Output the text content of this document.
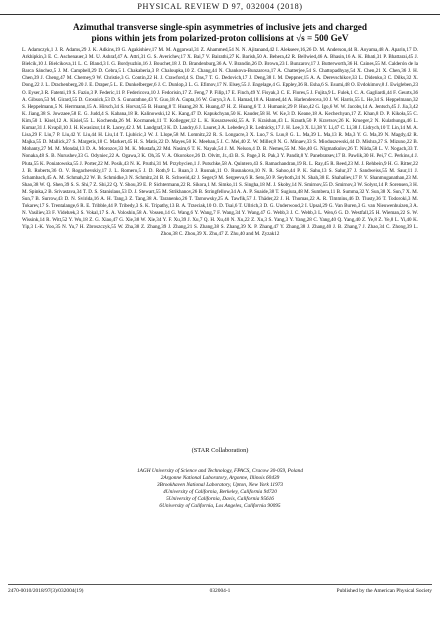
PHYSICAL REVIEW D 97, 032004 (2018)
Azimuthal transverse single-spin asymmetries of inclusive jets and charged
pions within jets from polarized-proton collisions at √s = 500 GeV
L. Adamczyk,1 J. R. Adams,29 J. K. Adkins,19 G. Agakishiev,17 M. M. Aggarwal,31 Z. Ahammed,54 N. N. Ajitanand,42 I. Alekseev,16,26 D. M. Anderson,44 R. Aoyama,48 A. Aparin,17 D. Arkhipkin,3 E. C. Aschenauer,3 M. U. Ashraf,47 A. Attri,31 G. S. Averichev,17 X. Bai,7 V. Bairathi,27 K. Barish,50 A. Behera,42 R. Bellwied,46 A. Bhasin,16 A. K. Bhati,31 P. Bhattarai,45 J. Bielcik,10 J. Bielcikova,11 L. C. Bland,3 I. G. Bordyuzhin,16 J. Bouchet,18 J. D. Brandenburg,36 A. V. Brandin,26 D. Brown,23 I. Bunzarov,17 J. Butterworth,36 H. Caines,55 M. Calderón de la Barca Sánchez,5 J. M. Campbell,29 D. Cebra,5 I. Chakaberia,3 P. Chaloupka,10 Z. Chang,44 N. Chankova-Bunzarova,17 A. Chatterjee,54 S. Chattopadhyay,54 X. Chen,21 X. Chen,36 J. H. Chen,39 J. Cheng,47 M. Cherney,9 W. Christie,3 G. Contin,22 H. J. Crawford,4 S. Das,7 T. G. Dedovich,17 J. Deng,38 I. M. Deppner,15 A. A. Derevschikov,33 L. Didenko,3 C. Dilks,32 X. Dong,22 J. L. Drachenberg,20 J. E. Draper,5 L. E. Dunkelberger,6 J. C. Dunlop,3 L. G. Efimov,17 N. Elsey,55 J. Engelage,4 G. Eppley,36 R. Esha,6 S. Esumi,48 O. Evdokimov,8 J. Ewigleben,23 O. Eyser,3 R. Fatemi,19 S. Fazio,3 P. Federic,11 P. Federicova,10 J. Fedorisin,17 Z. Feng,7 P. Filip,17 E. Finch,49 Y. Fisyak,3 C. E. Flores,5 J. Fujita,9 L. Fulek,1 C. A. Gagliardi,44 F. Geurts,36 A. Gibson,53 M. Girard,55 D. Grosnick,53 D. S. Gunarathne,43 Y. Guo,18 A. Gupta,16 W. Guryn,3 A. I. Hamad,18 A. Hamed,44 A. Harlenderova,10 J. W. Harris,55 L. He,34 S. Heppelmann,32 S. Heppelmann,5 N. Herrmann,15 A. Hirsch,34 S. Horvat,55 B. Huang,8 T. Huang,28 X. Huang,47 H. Z. Huang,6 T. J. Humanic,29 P. Huo,42 G. Igo,6 W. W. Jacobs,14 A. Jentsch,45 J. Jia,3,42 K. Jiang,38 S. Jowzaee,58 E. G. Judd,4 S. Kabana,18 R. Kalinowski,12 K. Kang,47 D. Kapukchyan,50 K. Kauder,58 H. W. Ke,3 D. Keane,18 A. Kechechyan,17 Z. Khan,8 D. P. Kikoła,55 C. Kim,50 I. Kisel,12 A. Kisiel,55 L. Kochenda,26 M. Kocmanek,11 T. Kollegger,12 L. K. Kosarzewski,55 A. F. Kraishan,43 L. Krauth,50 P. Kravtsov,26 K. Krueger,2 N. Kulathunga,46 L. Kumar,31 J. Kvapil,10 J. H. Kwasizur,14 R. Lacey,42 J. M. Landgraf,3 K. D. Landry,6 J. Lauret,3 A. Lebedev,3 R. Lednicky,17 J. H. Lee,3 X. Li,38 Y. Li,47 C. Li,38 J. Lidrych,10 T. Lin,14 M. A. Lisa,29 F. Liu,7 P. Liu,42 Y. Liu,44 H. Liu,14 T. Ljubicic,3 W. J. Llope,58 M. Lomnitz,22 R. S. Longacre,3 X. Luo,7 S. Luo,8 G. L. Ma,39 L. Ma,13 R. Ma,3 Y. G. Ma,39 N. Magdy,42 R. Majka,55 D. Mallick,27 S. Margetis,18 C. Markert,45 H. S. Matis,22 D. Mayes,50 K. Meehan,5 J. C. Mei,40 Z. W. Miller,8 N. G. Minaev,33 S. Mioduszewski,44 D. Mishra,27 S. Mizuno,22 B. Mohanty,27 M. M. Mondal,13 D. A. Morozov,33 M. K. Mustafa,22 Md. Nasim,6 T. K. Nayak,54 J. M. Nelson,4 D. B. Nemes,55 M. Nie,40 G. Nigmatkulov,26 T. Niida,58 L. V. Nogach,33 T. Nonaka,48 S. B. Nurushev,33 G. Odyniec,22 A. Ogawa,3 K. Oh,35 V. A. Okorokov,26 D. Olvitt, Jr.,43 B. S. Page,3 R. Pak,3 Y. Pandit,8 Y. Panebratsev,17 B. Pawlik,30 H. Pei,7 C. Perkins,4 J. Pluta,55 K. Poniatowska,55 J. Porter,22 M. Posik,43 N. K. Pruthi,31 M. Przybycien,1 J. Putschke,58 A. Quintero,43 S. Ramachandran,19 R. L. Ray,45 R. Reed,23 M. J. Rehbein,9 H. G. Ritter,22 J. B. Roberts,36 O. V. Rogachevskiy,17 J. L. Romero,5 J. D. Roth,9 L. Ruan,3 J. Rusnak,11 O. Rusnakova,10 N. R. Sahoo,44 P. K. Sahu,13 S. Salur,37 J. Sandweiss,55 M. Saur,11 J. Schambach,45 A. M. Schmah,22 W. B. Schmidke,3 N. Schmitz,24 B. R. Schweid,42 J. Seger,9 M. Sergeeva,6 R. Seto,50 P. Seyboth,24 N. Shah,38 E. Shahaliev,17 P. V. Shanmuganathan,23 M. Shao,38 W. Q. Shen,39 S. S. Shi,7 Z. Shi,22 Q. Y. Shou,39 E. P. Sichtermann,22 R. Sikora,1 M. Simko,11 S. Singha,18 M. J. Skoby,14 N. Smirnov,55 D. Smirnov,3 W. Solyst,14 P. Sorensen,3 H. M. Spinka,2 B. Srivastava,34 T. D. S. Stanislaus,53 D. J. Stewart,55 M. Strikhanov,26 B. Stringfellow,34 A. A. P. Suaide,38 T. Sugiura,48 M. Sumbera,11 B. Summa,32 Y. Sun,38 X. Sun,7 X. M. Sun,7 B. Surrow,43 D. N. Svirida,16 A. H. Tang,3 Z. Tang,38 A. Taranenko,26 T. Tarnowsky,25 A. Tawfik,57 J. Thäder,22 J. H. Thomas,22 A. R. Timmins,46 D. Tlusty,36 T. Todoroki,3 M. Tokarev,17 S. Trentalange,6 R. E. Tribble,44 P. Tribedy,3 S. K. Tripathy,13 B. A. Trzeciak,10 O. D. Tsai,6 T. Ullrich,3 D. G. Underwood,2 I. Upsal,29 G. Van Buren,3 G. van Nieuwenhuizen,3 A. N. Vasiliev,33 F. Videbæk,3 S. Vokal,17 S. A. Voloshin,58 A. Vossen,14 G. Wang,6 Y. Wang,7 F. Wang,34 Y. Wang,47 G. Webb,3 J. C. Webb,3 L. Wen,6 G. D. Westfall,25 H. Wieman,22 S. W. Wissink,14 R. Witt,52 Y. Wu,18 Z. G. Xiao,47 G. Xie,38 W. Xie,34 Y. F. Xu,39 J. Xu,7 Q. H. Xu,40 N. Xu,22 Z. Xu,3 S. Yang,3 Y. Yang,28 C. Yang,40 Q. Yang,40 Z. Ye,8 Z. Ye,8 L. Yi,40 K. Yip,3 I.-K. Yoo,35 N. Yu,7 H. Zbroszczyk,55 W. Zha,38 Z. Zhang,39 J. Zhang,21 S. Zhang,38 S. Zhang,39 X. P. Zhang,47 Y. Zhang,38 J. Zhang,40 J. B. Zhang,7 J. Zhao,34 C. Zhong,39 L. Zhou,38 C. Zhou,39 X. Zhu,47 Z. Zhu,40 and M. Zyzak12
(STAR Collaboration)
1AGH University of Science and Technology, FPACS, Cracow 30-059, Poland
2Argonne National Laboratory, Argonne, Illinois 60439
3Brookhaven National Laboratory, Upton, New York 11973
4University of California, Berkeley, California 94720
5University of California, Davis, California 95616
6University of California, Los Angeles, California 90095
2470-0010/2018/97(3)/032004(19)	032004-1	Published by the American Physical Society
